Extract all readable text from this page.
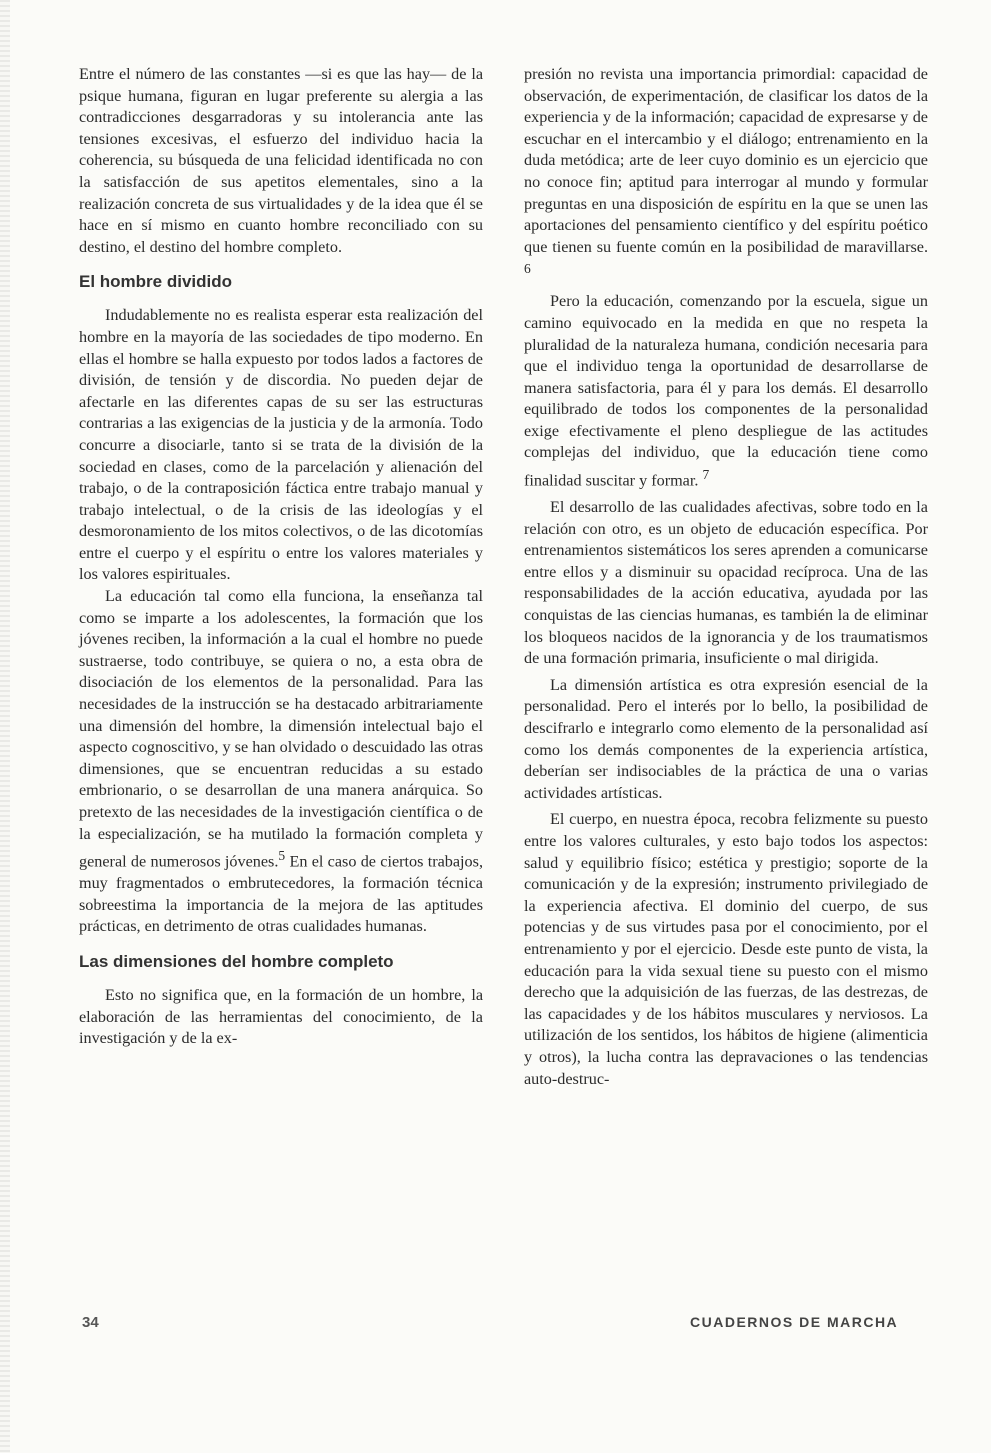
Entre el número de las constantes —si es que las hay— de la psique humana, figuran en lugar preferente su alergia a las contradicciones desgarradoras y su intolerancia ante las tensiones excesivas, el esfuerzo del individuo hacia la coherencia, su búsqueda de una felicidad identificada no con la satisfacción de sus apetitos elementales, sino a la realización concreta de sus virtualidades y de la idea que él se hace en sí mismo en cuanto hombre reconciliado con su destino, el destino del hombre completo.

El hombre dividido

Indudablemente no es realista esperar esta realización del hombre en la mayoría de las sociedades de tipo moderno. En ellas el hombre se halla expuesto por todos lados a factores de división, de tensión y de discordia. No pueden dejar de afectarle en las diferentes capas de su ser las estructuras contrarias a las exigencias de la justicia y de la armonía. Todo concurre a disociarle, tanto si se trata de la división de la sociedad en clases, como de la parcelación y alienación del trabajo, o de la contraposición fáctica entre trabajo manual y trabajo intelectual, o de la crisis de las ideologías y el desmoronamiento de los mitos colectivos, o de las dicotomías entre el cuerpo y el espíritu o entre los valores materiales y los valores espirituales.

La educación tal como ella funciona, la enseñanza tal como se imparte a los adolescentes, la formación que los jóvenes reciben, la información a la cual el hombre no puede sustraerse, todo contribuye, se quiera o no, a esta obra de disociación de los elementos de la personalidad. Para las necesidades de la instrucción se ha destacado arbitrariamente una dimensión del hombre, la dimensión intelectual bajo el aspecto cognoscitivo, y se han olvidado o descuidado las otras dimensiones, que se encuentran reducidas a su estado embrionario, o se desarrollan de una manera anárquica. So pretexto de las necesidades de la investigación científica o de la especialización, se ha mutilado la formación completa y general de numerosos jóvenes.$^5$ En el caso de ciertos trabajos, muy fragmentados o embrutecedores, la formación técnica sobreestima la importancia de la mejora de las aptitudes prácticas, en detrimento de otras cualidades humanas.

Las dimensiones del hombre completo

Esto no significa que, en la formación de un hombre, la elaboración de las herramientas del conocimiento, de la investigación y de la ex-

presión no revista una importancia primordial: capacidad de observación, de experimentación, de clasificar los datos de la experiencia y de la información; capacidad de expresarse y de escuchar en el intercambio y el diálogo; entrenamiento en la duda metódica; arte de leer cuyo dominio es un ejercicio que no conoce fin; aptitud para interrogar al mundo y formular preguntas en una disposición de espíritu en la que se unen las aportaciones del pensamiento científico y del espíritu poético que tienen su fuente común en la posibilidad de maravillarse. $^6$

Pero la educación, comenzando por la escuela, sigue un camino equivocado en la medida en que no respeta la pluralidad de la naturaleza humana, condición necesaria para que el individuo tenga la oportunidad de desarrollarse de manera satisfactoria, para él y para los demás. El desarrollo equilibrado de todos los componentes de la personalidad exige efectivamente el pleno despliegue de las actitudes complejas del individuo, que la educación tiene como finalidad suscitar y formar. $^7$

El desarrollo de las cualidades afectivas, sobre todo en la relación con otro, es un objeto de educación específica. Por entrenamientos sistemáticos los seres aprenden a comunicarse entre ellos y a disminuir su opacidad recíproca. Una de las responsabilidades de la acción educativa, ayudada por las conquistas de las ciencias humanas, es también la de eliminar los bloqueos nacidos de la ignorancia y de los traumatismos de una formación primaria, insuficiente o mal dirigida.

La dimensión artística es otra expresión esencial de la personalidad. Pero el interés por lo bello, la posibilidad de descifrarlo e integrarlo como elemento de la personalidad así como los demás componentes de la experiencia artística, deberían ser indisociables de la práctica de una o varias actividades artísticas.

El cuerpo, en nuestra época, recobra felizmente su puesto entre los valores culturales, y esto bajo todos los aspectos: salud y equilibrio físico; estética y prestigio; soporte de la comunicación y de la expresión; instrumento privilegiado de la experiencia afectiva. El dominio del cuerpo, de sus potencias y de sus virtudes pasa por el conocimiento, por el entrenamiento y por el ejercicio. Desde este punto de vista, la educación para la vida sexual tiene su puesto con el mismo derecho que la adquisición de las fuerzas, de las destrezas, de las capacidades y de los hábitos musculares y nerviosos. La utilización de los sentidos, los hábitos de higiene (alimenticia y otros), la lucha contra las depravaciones o las tendencias auto-destruc-

34	CUADERNOS DE MARCHA
